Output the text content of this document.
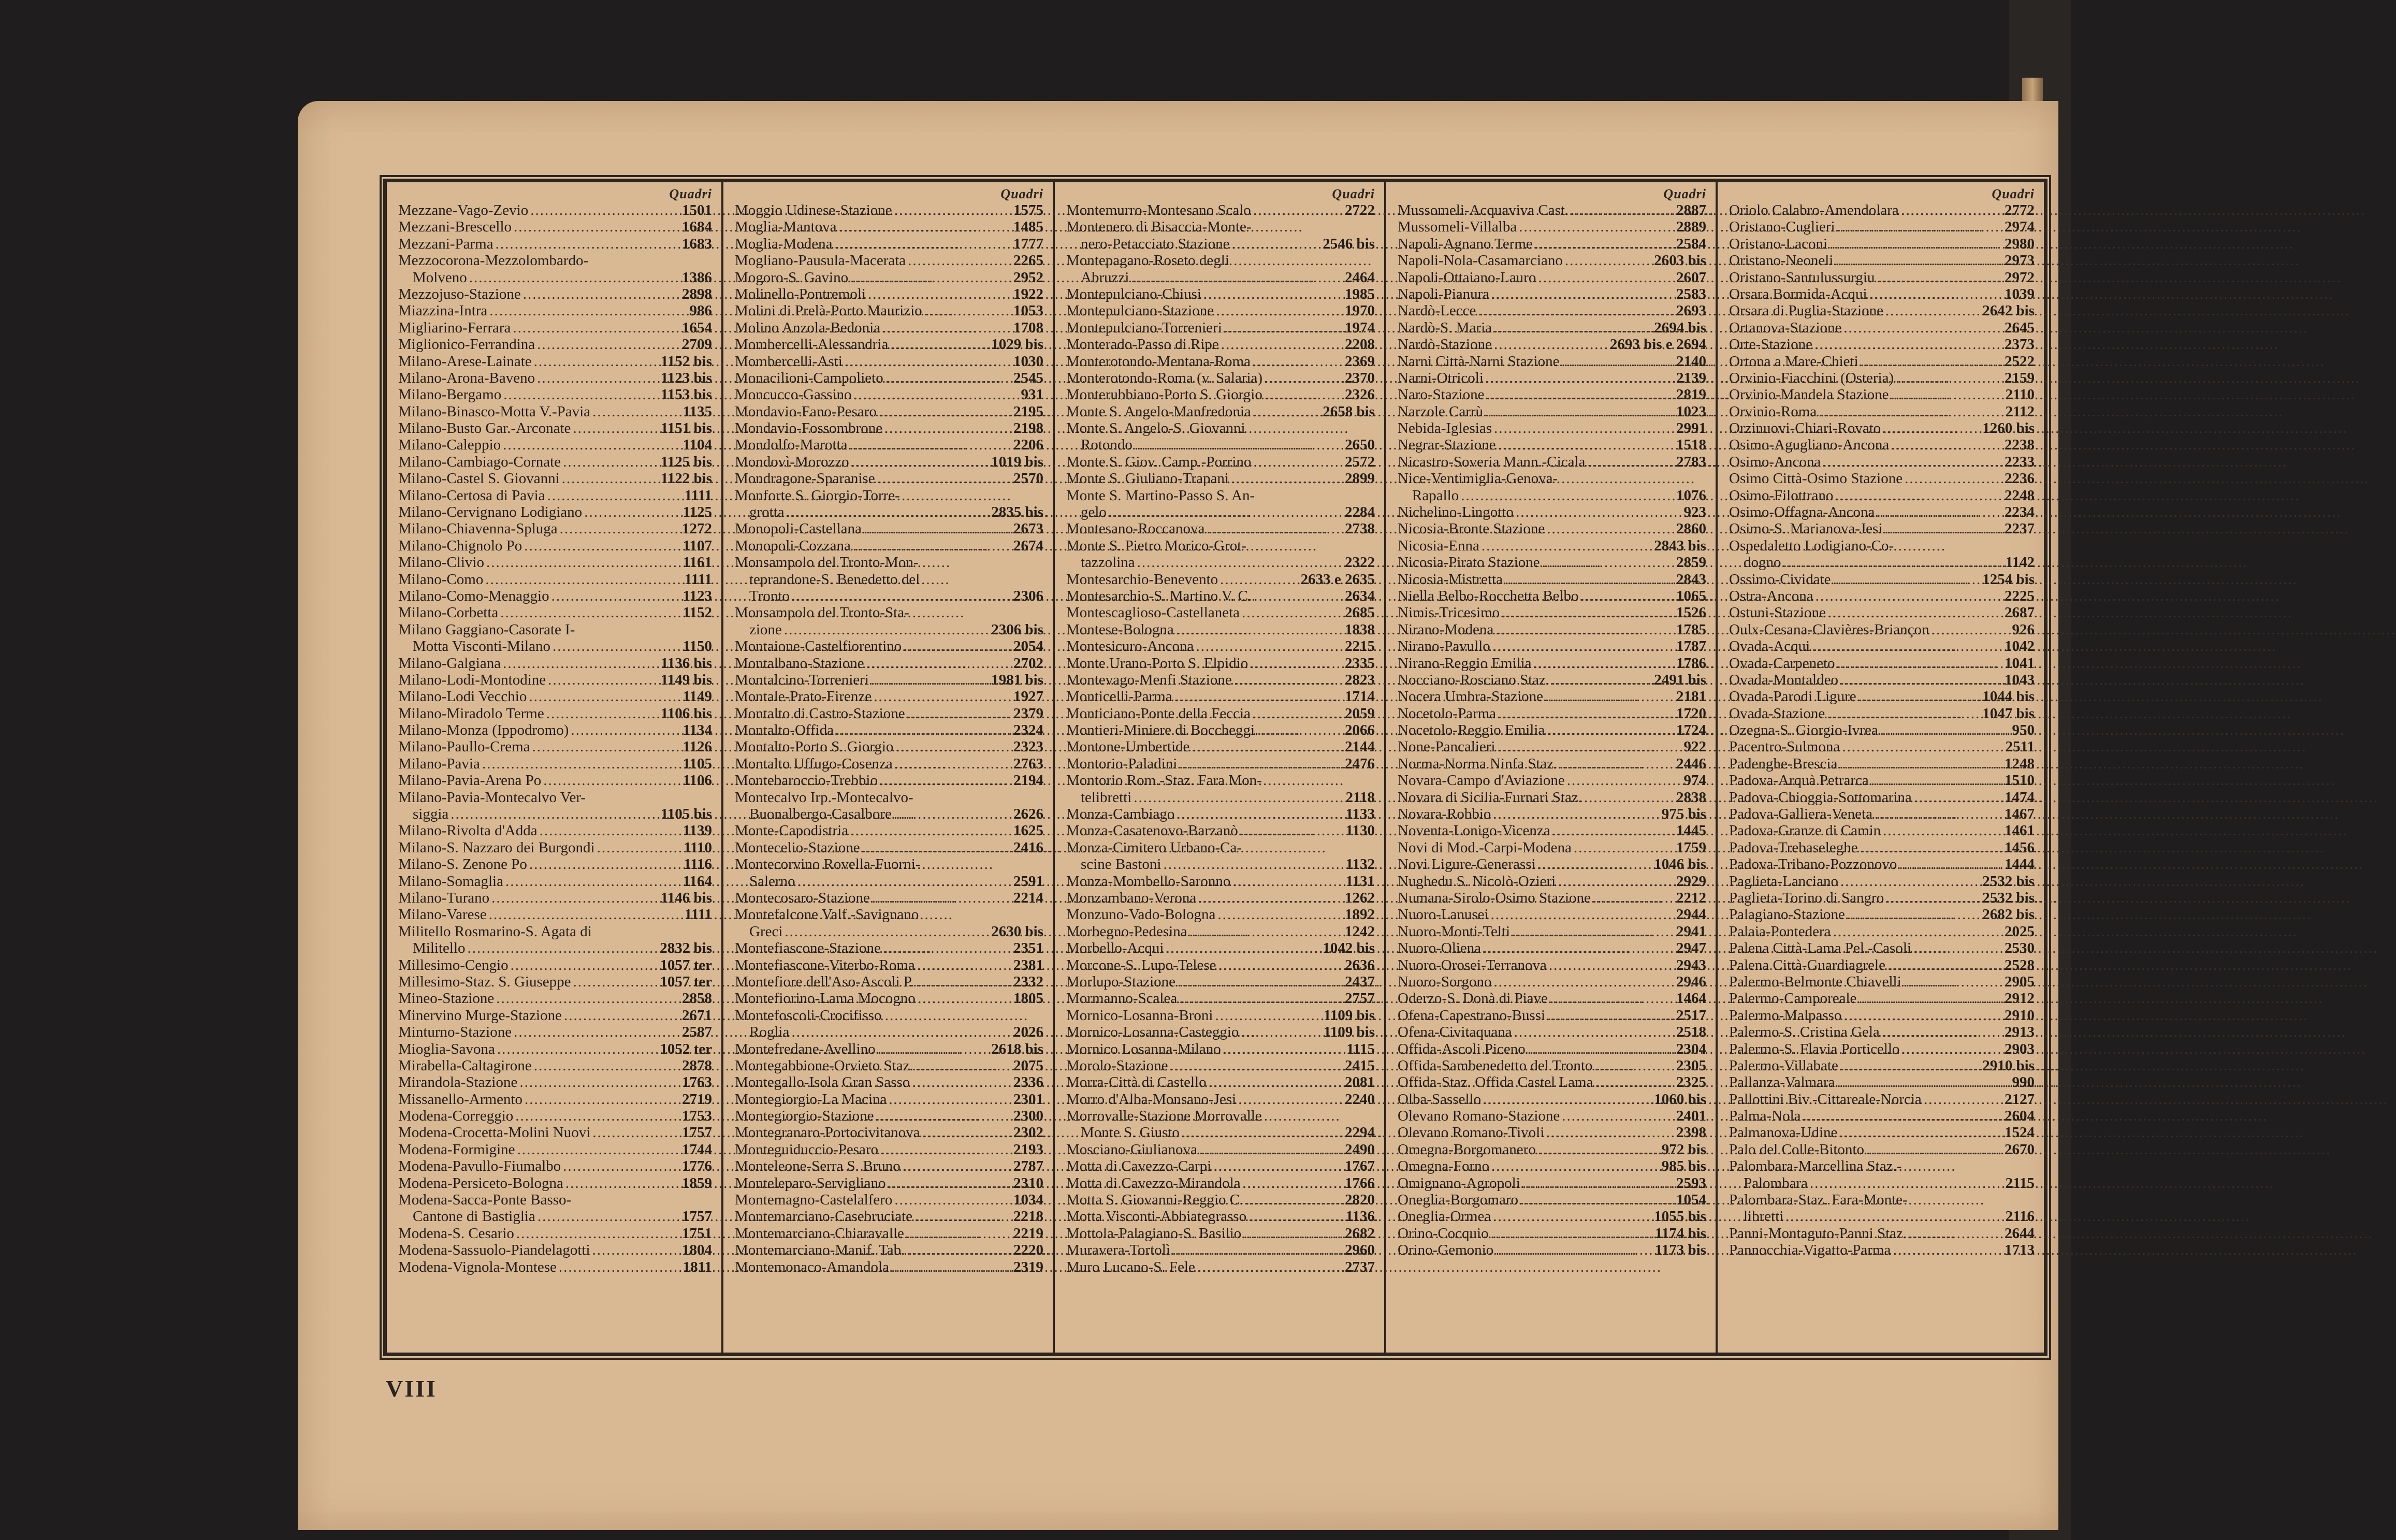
Quadri
Mezzane-Vago-Zevio .....	1501
Mezzani-Brescello .....	1684
Mezzani-Parma .....	1683
Mezzocorona-Mezzolombardo-
Molveno .....	1386
Mezzojuso-Stazione .....	2898
Miazzina-Intra .....	986
Migliarino-Ferrara .....	1654
Miglionico-Ferrandina .....	2709
Milano-Arese-Lainate .....	1152 bis
Milano-Arona-Baveno .....	1123 bis
Milano-Bergamo .....	1153 bis
Milano-Binasco-Motta V.-Pavia .....	1135
Milano-Busto Gar.-Arconate .....	1151 bis
Milano-Caleppio .....	1104
Milano-Cambiago-Cornate .....	1125 bis
Milano-Castel S. Giovanni .....	1122 bis
Milano-Certosa di Pavia .....	1111
Milano-Cervignano Lodigiano .....	1125
Milano-Chiavenna-Spluga .....	1272
Milano-Chignolo Po .....	1107
Milano-Clivio .....	1161
Milano-Como .....	1111
Milano-Como-Menaggio .....	1123
Milano-Corbetta .....	1152
Milano Gaggiano-Casorate I-
Motta Visconti-Milano .....	1150
Milano-Galgiana .....	1136 bis
Milano-Lodi-Montodine .....	1149 bis
Milano-Lodi Vecchio .....	1149
Milano-Miradolo Terme .....	1106 bis
Milano-Monza (Ippodromo) .....	1134
Milano-Paullo-Crema .....	1126
Milano-Pavia .....	1105
Milano-Pavia-Arena Po .....	1106
Milano-Pavia-Montecalvo Ver-
siggia .....	1105 bis
Milano-Rivolta d'Adda .....	1139
Milano-S. Nazzaro dei Burgondi .....	1110
Milano-S. Zenone Po .....	1116
Milano-Somaglia .....	1164
Milano-Turano .....	1146 bis
Milano-Varese .....	1111
Militello Rosmarino-S. Agata di
Militello .....	2832 bis
Millesimo-Cengio .....	1057 ter
Millesimo-Staz. S. Giuseppe .....	1057 ter
Mineo-Stazione .....	2858
Minervino Murge-Stazione .....	2671
Minturno-Stazione .....	2587
Mioglia-Savona .....	1052 ter
Mirabella-Caltagirone .....	2878
Mirandola-Stazione .....	1763
Missanello-Armento .....	2719
Modena-Correggio .....	1753
Modena-Crocetta-Molini Nuovi .....	1757
Modena-Formigine .....	1744
Modena-Pavullo-Fiumalbo .....	1776
Modena-Persiceto-Bologna .....	1859
Modena-Sacca-Ponte Basso-
Cantone di Bastiglia .....	1757
Modena-S. Cesario .....	1751
Modena-Sassuolo-Piandelagotti .....	1804
Modena-Vignola-Montese .....	1811
Quadri
Moggio Udinese-Stazione .....	1575
Moglia-Mantova .....	1485
Moglia-Modena .....	1777
Mogliano-Pausula-Macerata .....	2265
Mogoro-S. Gavino .....	2952
Molinello-Pontremoli .....	1922
Molini di Prelà-Porto Maurizio .....	1053
Molino Anzola-Bedonia .....	1708
Mombercelli-Alessandria .....	1029 bis
Mombercelli-Asti .....	1030
Monacilioni-Campolieto .....	2545
Moncucco-Gassino .....	931
Mondavio-Fano-Pesaro .....	2195
Mondavio-Fossombrone .....	2198
Mondolfo-Marotta .....	2206
Mondovì-Morozzo .....	1019 bis
Mondragone-Sparanise .....	2570
Monforte S. Giorgio-Torre-
grotta .....	2835 bis
Monopoli-Castellana .....	2673
Monopoli-Cozzana .....	2674
Monsampolo del Tronto-Mon-
teprandone-S. Benedetto del
Tronto .....	2306
Monsampolo del Tronto-Sta-
zione .....	2306 bis
Montaione-Castelfiorentino .....	2054
Montalbano-Stazione .....	2702
Montalcino-Torrenieri .....	1981 bis
Montale-Prato-Firenze .....	1927
Montalto di Castro-Stazione .....	2379
Montalto-Offida .....	2324
Montalto-Porto S. Giorgio .....	2323
Montalto Uffugo-Cosenza .....	2763
Montebaroccio-Trebbio .....	2194
Montecalvo Irp.-Montecalvo-
Buonalbergo-Casalbore .....	2626
Monte-Capodistria .....	1625
Montecelio-Stazione .....	2416
Montecorvino Rovella-Fuorni-
Salerno .....	2591
Montecosaro-Stazione .....	2214
Montefalcone Valf.-Savignano
Greci .....	2630 bis
Montefiascone-Stazione .....	2351
Montefiascone-Viterbo-Roma .....	2381
Montefiore dell'Aso-Ascoli P. .....	2332
Montefiorino-Lama Mocogno .....	1805
Montefoscoli-Crocifisso
Roglia .....	2026
Montefredane-Avellino .....	2618 bis
Montegabbione-Orvieto Staz. .....	2075
Montegallo-Isola Gran Sasso .....	2336
Montegiorgio-La Macina .....	2301
Montegiorgio-Stazione .....	2300
Montegranaro-Portocivitanova .....	2302
Monteguiduccio-Pesaro .....	2193
Monteleone-Serra S. Bruno .....	2787
Monteleparo-Servigliano .....	2310
Montemagno-Castelalfero .....	1034
Montemarciano-Casebruciate .....	2218
Montemarciano-Chiaravalle .....	2219
Montemarciano-Manif. Tab. .....	2220
Montemonaco-Amandola .....	2319
Quadri
Montemurro-Montesano Scalo .....	2722
Montenero di Bisaccia-Monte-
nero-Petacciato Stazione .....	2546 bis
Montepagano-Roseto degli
Abruzzi .....	2464
Montepulciano-Chiusi .....	1985
Montepulciano-Stazione .....	1970
Montepulciano-Torrenieri .....	1974
Monterado-Passo di Ripe .....	2208
Monterotondo-Mentana-Roma .....	2369
Monterotondo-Roma (v. Salaria) .....	2370
Monterubbiano-Porto S. Giorgio .....	2326
Monte S. Angelo-Manfredonia .....	2658 bis
Monte S. Angelo-S. Giovanni
Rotondo .....	2650
Monte S. Giov. Camp.-Porrino .....	2572
Monte S. Giuliano-Trapani .....	2899
Monte S. Martino-Passo S. An-
gelo .....	2284
Montesano-Roccanova .....	2738
Monte S. Pietro Morico-Grot-
tazzolina .....	2322
Montesarchio-Benevento .....	2633 e 2635
Montesarchio-S. Martino V. C. .....	2634
Montescaglioso-Castellaneta .....	2685
Montese-Bologna .....	1838
Montesicuro-Ancona .....	2215
Monte Urano-Porto S. Elpidio .....	2335
Montevago-Menfi Stazione .....	2823
Monticelli-Parma .....	1714
Monticiano-Ponte della Feccia .....	2059
Montieri-Miniere di Boccheggi. .....	2066
Montone-Umbertide .....	2144
Montorio-Paladini .....	2476
Montorio Rom.-Staz. Fara Mon-
telibretti .....	2118
Monza-Cambiago .....	1133
Monza-Casatenovo-Barzanò .....	1130
Monza-Cimitero Urbano-Ca-
scine Bastoni .....	1132
Monza-Mombello-Saronno .....	1131
Monzambano-Verona .....	1262
Monzuno-Vado-Bologna .....	1892
Morbegno-Pedesina .....	1242
Morbello-Acqui .....	1042 bis
Morcone-S. Lupo-Telese .....	2636
Morlupo-Stazione .....	2437
Mormanno-Scalea .....	2757
Mornico-Losanna-Broni .....	1109 bis
Mornico-Losanna-Casteggio .....	1109 bis
Mornico Losanna-Milano .....	1115
Morolo-Stazione .....	2415
Morra-Città di Castello .....	2081
Morro d'Alba-Monsano-Jesi .....	2240
Morrovalle-Stazione Morrovalle
Monte S. Giusto .....	2294
Mosciano-Giulianova .....	2490
Motta di Cavezzo-Carpi .....	1767
Motta di Cavezzo-Mirandola .....	1766
Motta S. Giovanni-Reggio C. .....	2820
Motta Visconti-Abbiategrasso .....	1136
Mottola-Palagiano-S. Basilio .....	2682
Muravera-Tortolì .....	2960
Muro Lucano-S. Fele .....	2737
Quadri
Mussomeli-Acquaviva Cast. .....	2887
Mussomeli-Villalba .....	2889
Napoli-Agnano Terme .....	2584
Napoli-Nola-Casamarciano .....	2603 bis
Napoli-Ottaiano-Lauro .....	2607
Napoli-Pianura .....	2583
Nardò-Lecce .....	2693
Nardò-S. Maria .....	2694 bis
Nardò-Stazione .....	2693 bis e 2694
Narni Città-Narni Stazione .....	2140
Narni-Otricoli .....	2139
Naro-Stazione .....	2819
Narzole Carrù .....	1023
Nebida-Iglesias .....	2991
Negrar-Stazione .....	1518
Nicastro-Soveria Mann.-Cicala .....	2783
Nice-Ventimiglia-Genova-
Rapallo .....	1076
Nichelino-Lingotto .....	923
Nicosia-Bronte Stazione .....	2860
Nicosia-Enna .....	2843 bis
Nicosia-Pirato Stazione .....	2859
Nicosia-Mistretta .....	2843
Niella Belbo-Rocchetta Belbo .....	1065
Nimis-Tricesimo .....	1526
Nirano-Modena .....	1785
Nirano-Pavullo .....	1787
Nirano-Reggio Emilia .....	1786
Nocciano-Rosciano Staz. .....	2491 bis
Nocera Umbra-Stazione .....	2181
Nocetolo-Parma .....	1720
Nocetolo-Reggio Emilia .....	1724
None-Pancalieri .....	922
Norma-Norma Ninfa Staz. .....	2446
Novara-Campo d'Aviazione .....	974
Novara di Sicilia-Furnari Staz. .....	2838
Novara-Robbio .....	975 bis
Noventa-Lonigo-Vicenza .....	1445
Novi di Mod.-Carpi-Modena .....	1759
Novi Ligure-Generassi .....	1046 bis
Nughedu S. Nicolò-Ozieri .....	2929
Numana-Sirolo-Osimo Stazione .....	2212
Nuoro-Lanusei .....	2944
Nuoro-Monti-Telti .....	2941
Nuoro-Oliena .....	2947
Nuoro-Orosei-Terranova .....	2943
Nuoro-Sorgono .....	2946
Oderzo-S. Donà di Piave .....	1464
Ofena-Capestrano-Bussi .....	2517
Ofena-Civitaquana .....	2518
Offida-Ascoli Piceno .....	2304
Offida-Sambenedetto del Tronto .....	2305
Offida-Staz. Offida Castel Lama .....	2325
Olba-Sassello .....	1060 bis
Olevano Romano-Stazione .....	2401
Olevano Romano-Tivoli .....	2398
Omegna-Borgomanero .....	972 bis
Omegna-Forno .....	985 bis
Omignano-Agropoli .....	2593
Oneglia-Borgomaro .....	1054
Oneglia-Ormea .....	1055 bis
Orino-Cocquio .....	1174 bis
Orino-Gemonio .....	1173 bis
Quadri
Oriolo Calabro-Amendolara .....	2772
Oristano-Cuglieri .....	2974
Oristano-Laconi .....	2980
Oristano-Neoneli .....	2973
Oristano-Santulussurgiu .....	2972
Orsara Bormida-Acqui .....	1039
Orsara di Puglia-Stazione .....	2642 bis
Ortanova-Stazione .....	2645
Orte-Stazione .....	2373
Ortona a Mare-Chieti .....	2522
Orvinio-Fiacchini (Osteria) .....	2159
Orvinio-Mandela Stazione .....	2110
Orvinio-Roma .....	2112
Orzinuovi-Chiari-Rovato .....	1260 bis
Osimo-Agugliano-Ancona .....	2238
Osimo-Ancona .....	2233
Osimo Città-Osimo Stazione .....	2236
Osimo-Filottrano .....	2248
Osimo-Offagna-Ancona .....	2234
Osimo-S. Marianova-Jesi .....	2237
Ospedaletto Lodigiano-Co-
dogno .....	1142
Ossimo-Cividate .....	1254 bis
Ostra-Ancona .....	2225
Ostuni-Stazione .....	2687
Oulx-Cesana-Clavières-Briançon .....	926
Ovada-Acqui .....	1042
Ovada-Carpeneto .....	1041
Ovada-Montaldeo .....	1043
Ovada-Parodi Ligure .....	1044 bis
Ovada-Stazione .....	1047 bis
Ozegna-S. Giorgio-Ivrea .....	950
Pacentro-Sulmona .....	2511
Padenghe-Brescia .....	1248
Padova-Arquà Petrarca .....	1510
Padova-Chioggia-Sottomarina .....	1474
Padova-Galliera-Veneta .....	1467
Padova-Granze di Camin .....	1461
Padova-Trebaseleghe .....	1456
Padova-Tribano-Pozzonovo .....	1444
Paglieta-Lanciano .....	2532 bis
Paglieta-Torino di Sangro .....	2532 bis
Palagiano-Stazione .....	2682 bis
Palaia-Pontedera .....	2025
Palena Città-Lama Pel.-Casoli .....	2530
Palena Città-Guardiagrele .....	2528
Palermo-Belmonte Chiavelli .....	2905
Palermo-Camporeale .....	2912
Palermo-Malpasso .....	2910
Palermo-S. Cristina Gela .....	2913
Palermo-S. Flavia Porticello .....	2903
Palermo-Villabate .....	2910 bis
Pallanza-Valmara .....	990
Pallottini Biv.-Cittareale-Norcia .....	2127
Palma-Nola .....	2604
Palmanova-Udine .....	1524
Palo del Colle-Bitonto .....	2670
Palombara-Marcellina Staz.-
Palombara .....	2115
Palombara-Staz. Fara-Monte-
libretti .....	2116
Panni-Montaguto-Panni Staz. .....	2644
Pannocchia-Vigatto-Parma .....	1713
VIII
